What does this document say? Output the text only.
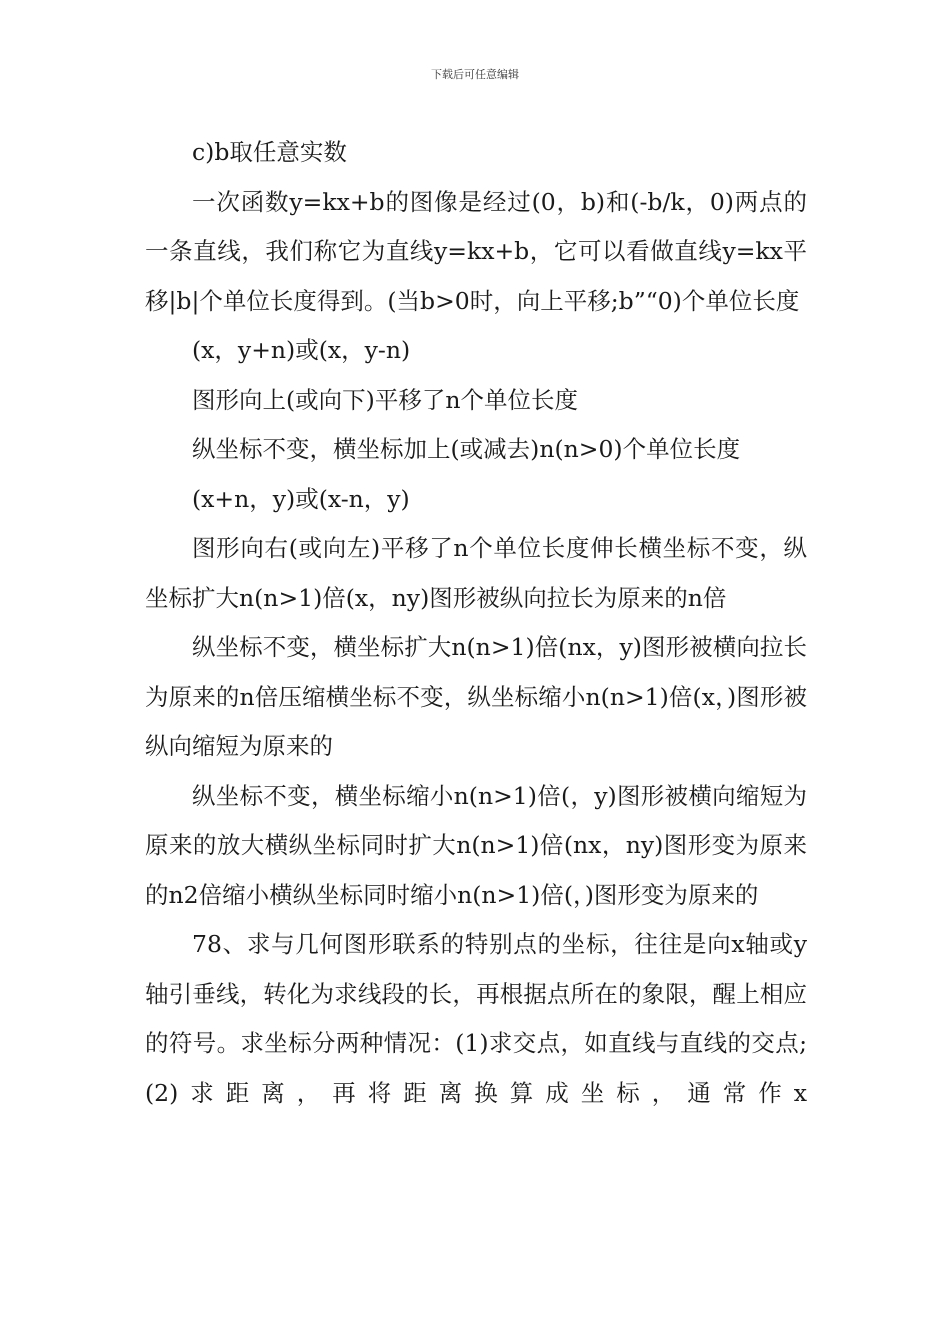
下载后可任意编辑

c)b取任意实数

一次函数y=kx+b的图像是经过(0，b)和(-b/k，0)两点的一条直线，我们称它为直线y=kx+b，它可以看做直线y=kx平移|b|个单位长度得到。(当b>0时，向上平移;b”“0)个单位长度

(x，y+n)或(x，y-n)

图形向上(或向下)平移了n个单位长度

纵坐标不变，横坐标加上(或减去)n(n>0)个单位长度

(x+n，y)或(x-n，y)

图形向右(或向左)平移了n个单位长度伸长横坐标不变，纵坐标扩大n(n>1)倍(x，ny)图形被纵向拉长为原来的n倍

纵坐标不变，横坐标扩大n(n>1)倍(nx，y)图形被横向拉长为原来的n倍压缩横坐标不变，纵坐标缩小n(n>1)倍(x，)图形被纵向缩短为原来的

纵坐标不变，横坐标缩小n(n>1)倍(，y)图形被横向缩短为原来的放大横纵坐标同时扩大n(n>1)倍(nx，ny)图形变为原来的n2倍缩小横纵坐标同时缩小n(n>1)倍(，)图形变为原来的

78、求与几何图形联系的特别点的坐标，往往是向x轴或y轴引垂线，转化为求线段的长，再根据点所在的象限，醒上相应的符号。求坐标分两种情况：(1)求交点，如直线与直线的交点;(2)求距离，再将距离换算成坐标，通常作x
